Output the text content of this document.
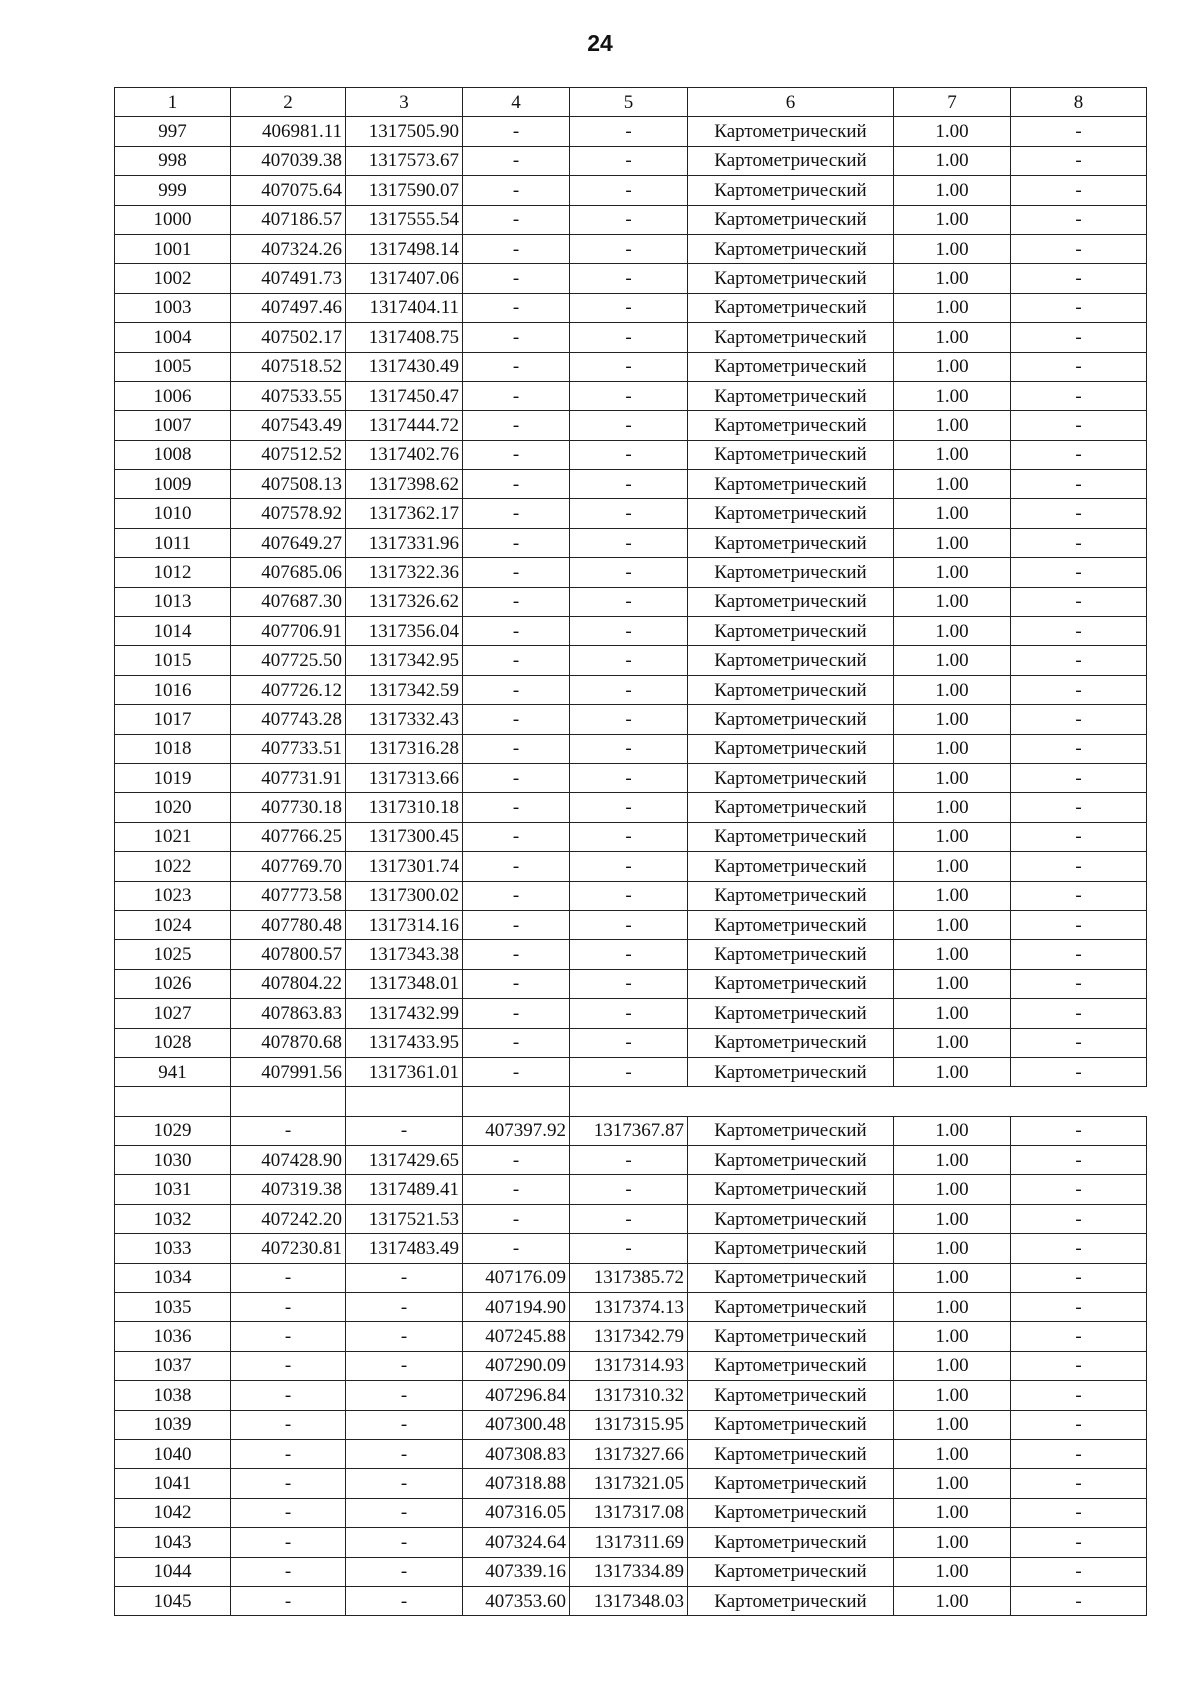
24
1	2	3	4	5	6	7	8
997	406981.11	1317505.90	-	-	Картометрический	1.00	-
998	407039.38	1317573.67	-	-	Картометрический	1.00	-
999	407075.64	1317590.07	-	-	Картометрический	1.00	-
1000	407186.57	1317555.54	-	-	Картометрический	1.00	-
1001	407324.26	1317498.14	-	-	Картометрический	1.00	-
1002	407491.73	1317407.06	-	-	Картометрический	1.00	-
1003	407497.46	1317404.11	-	-	Картометрический	1.00	-
1004	407502.17	1317408.75	-	-	Картометрический	1.00	-
1005	407518.52	1317430.49	-	-	Картометрический	1.00	-
1006	407533.55	1317450.47	-	-	Картометрический	1.00	-
1007	407543.49	1317444.72	-	-	Картометрический	1.00	-
1008	407512.52	1317402.76	-	-	Картометрический	1.00	-
1009	407508.13	1317398.62	-	-	Картометрический	1.00	-
1010	407578.92	1317362.17	-	-	Картометрический	1.00	-
1011	407649.27	1317331.96	-	-	Картометрический	1.00	-
1012	407685.06	1317322.36	-	-	Картометрический	1.00	-
1013	407687.30	1317326.62	-	-	Картометрический	1.00	-
1014	407706.91	1317356.04	-	-	Картометрический	1.00	-
1015	407725.50	1317342.95	-	-	Картометрический	1.00	-
1016	407726.12	1317342.59	-	-	Картометрический	1.00	-
1017	407743.28	1317332.43	-	-	Картометрический	1.00	-
1018	407733.51	1317316.28	-	-	Картометрический	1.00	-
1019	407731.91	1317313.66	-	-	Картометрический	1.00	-
1020	407730.18	1317310.18	-	-	Картометрический	1.00	-
1021	407766.25	1317300.45	-	-	Картометрический	1.00	-
1022	407769.70	1317301.74	-	-	Картометрический	1.00	-
1023	407773.58	1317300.02	-	-	Картометрический	1.00	-
1024	407780.48	1317314.16	-	-	Картометрический	1.00	-
1025	407800.57	1317343.38	-	-	Картометрический	1.00	-
1026	407804.22	1317348.01	-	-	Картометрический	1.00	-
1027	407863.83	1317432.99	-	-	Картометрический	1.00	-
1028	407870.68	1317433.95	-	-	Картометрический	1.00	-
941	407991.56	1317361.01	-	-	Картометрический	1.00	-

1029	-	-	407397.92	1317367.87	Картометрический	1.00	-
1030	407428.90	1317429.65	-	-	Картометрический	1.00	-
1031	407319.38	1317489.41	-	-	Картометрический	1.00	-
1032	407242.20	1317521.53	-	-	Картометрический	1.00	-
1033	407230.81	1317483.49	-	-	Картометрический	1.00	-
1034	-	-	407176.09	1317385.72	Картометрический	1.00	-
1035	-	-	407194.90	1317374.13	Картометрический	1.00	-
1036	-	-	407245.88	1317342.79	Картометрический	1.00	-
1037	-	-	407290.09	1317314.93	Картометрический	1.00	-
1038	-	-	407296.84	1317310.32	Картометрический	1.00	-
1039	-	-	407300.48	1317315.95	Картометрический	1.00	-
1040	-	-	407308.83	1317327.66	Картометрический	1.00	-
1041	-	-	407318.88	1317321.05	Картометрический	1.00	-
1042	-	-	407316.05	1317317.08	Картометрический	1.00	-
1043	-	-	407324.64	1317311.69	Картометрический	1.00	-
1044	-	-	407339.16	1317334.89	Картометрический	1.00	-
1045	-	-	407353.60	1317348.03	Картометрический	1.00	-
